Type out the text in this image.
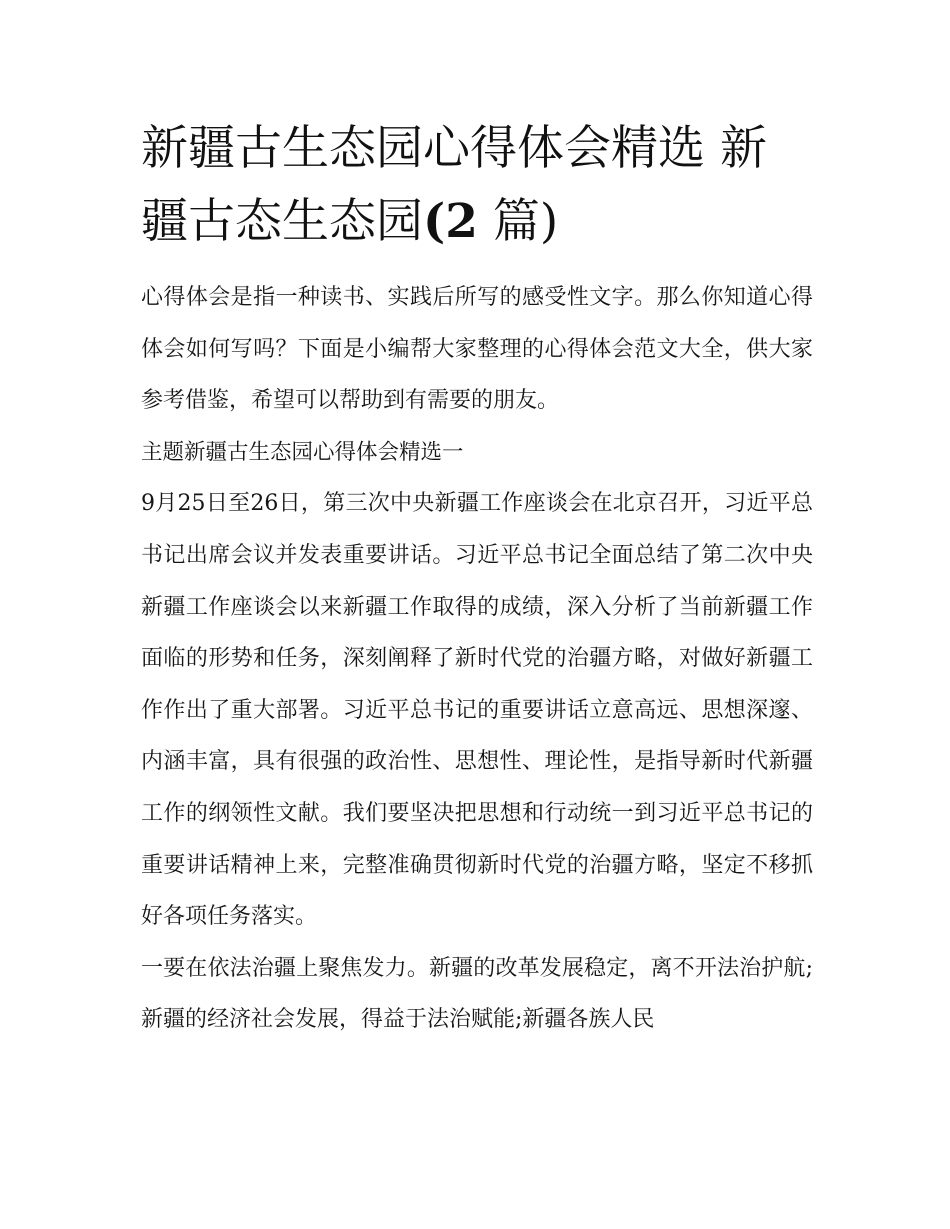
新疆古生态园心得体会精选 新疆古态生态园(2 篇)

心得体会是指一种读书、实践后所写的感受性文字。那么你知道心得体会如何写吗？下面是小编帮大家整理的心得体会范文大全，供大家参考借鉴，希望可以帮助到有需要的朋友。

主题新疆古生态园心得体会精选一

9月25日至26日，第三次中央新疆工作座谈会在北京召开，习近平总书记出席会议并发表重要讲话。习近平总书记全面总结了第二次中央新疆工作座谈会以来新疆工作取得的成绩，深入分析了当前新疆工作面临的形势和任务，深刻阐释了新时代党的治疆方略，对做好新疆工作作出了重大部署。习近平总书记的重要讲话立意高远、思想深邃、内涵丰富，具有很强的政治性、思想性、理论性，是指导新时代新疆工作的纲领性文献。我们要坚决把思想和行动统一到习近平总书记的重要讲话精神上来，完整准确贯彻新时代党的治疆方略，坚定不移抓好各项任务落实。

一要在依法治疆上聚焦发力。新疆的改革发展稳定，离不开法治护航;新疆的经济社会发展，得益于法治赋能;新疆各族人民
